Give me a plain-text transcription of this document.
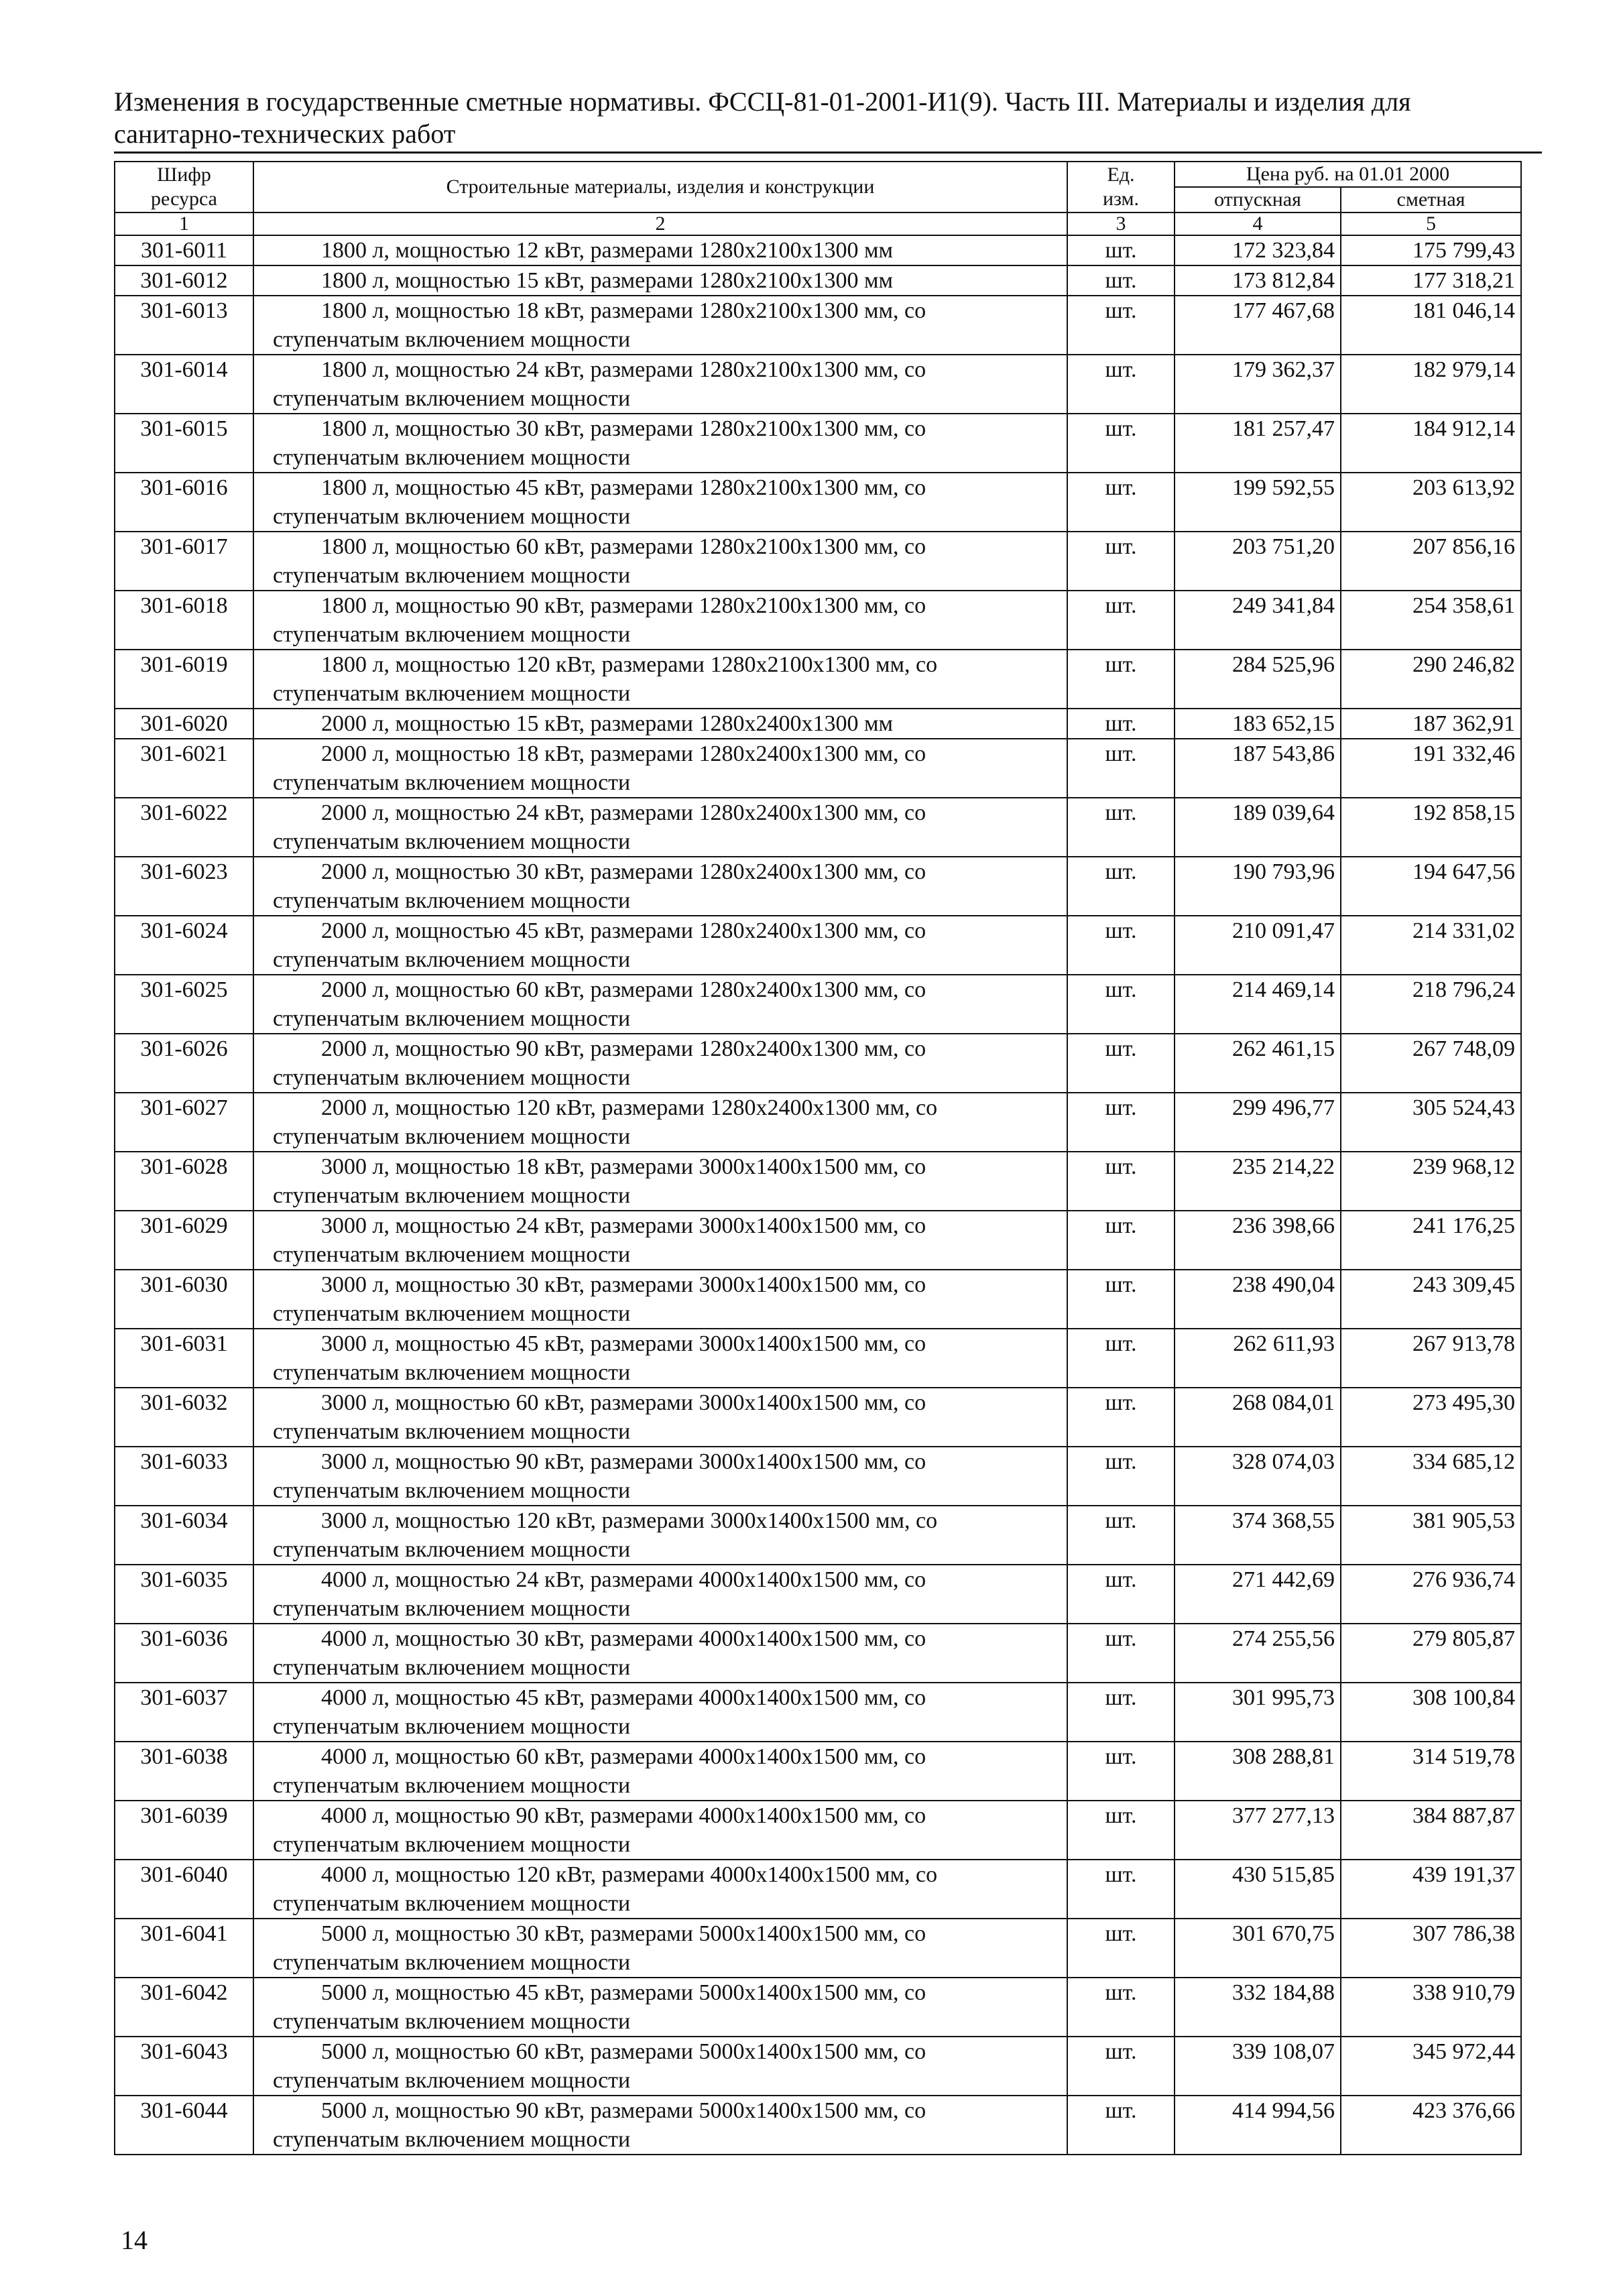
Изменения в государственные сметные нормативы. ФССЦ-81-01-2001-И1(9). Часть III. Материалы и изделия для
санитарно-технических работ
Шифр
ресурса	Строительные материалы, изделия и конструкции	Ед.
изм.	Цена руб. на 01.01 2000	
			отпускная	сметная
1	2	3	4	5
301-6011	1800 л, мощностью 12 кВт, размерами 1280х2100х1300 мм	шт.	172 323,84	175 799,43
301-6012	1800 л, мощностью 15 кВт, размерами 1280х2100х1300 мм	шт.	173 812,84	177 318,21
301-6013	1800 л, мощностью 18 кВт, размерами 1280х2100х1300 мм, со
ступенчатым включением мощности	шт.	177 467,68	181 046,14
301-6014	1800 л, мощностью 24 кВт, размерами 1280х2100х1300 мм, со
ступенчатым включением мощности	шт.	179 362,37	182 979,14
301-6015	1800 л, мощностью 30 кВт, размерами 1280х2100х1300 мм, со
ступенчатым включением мощности	шт.	181 257,47	184 912,14
301-6016	1800 л, мощностью 45 кВт, размерами 1280х2100х1300 мм, со
ступенчатым включением мощности	шт.	199 592,55	203 613,92
301-6017	1800 л, мощностью 60 кВт, размерами 1280х2100х1300 мм, со
ступенчатым включением мощности	шт.	203 751,20	207 856,16
301-6018	1800 л, мощностью 90 кВт, размерами 1280х2100х1300 мм, со
ступенчатым включением мощности	шт.	249 341,84	254 358,61
301-6019	1800 л, мощностью 120 кВт, размерами 1280х2100х1300 мм, со
ступенчатым включением мощности	шт.	284 525,96	290 246,82
301-6020	2000 л, мощностью 15 кВт, размерами 1280х2400х1300 мм	шт.	183 652,15	187 362,91
301-6021	2000 л, мощностью 18 кВт, размерами 1280х2400х1300 мм, со
ступенчатым включением мощности	шт.	187 543,86	191 332,46
301-6022	2000 л, мощностью 24 кВт, размерами 1280х2400х1300 мм, со
ступенчатым включением мощности	шт.	189 039,64	192 858,15
301-6023	2000 л, мощностью 30 кВт, размерами 1280х2400х1300 мм, со
ступенчатым включением мощности	шт.	190 793,96	194 647,56
301-6024	2000 л, мощностью 45 кВт, размерами 1280х2400х1300 мм, со
ступенчатым включением мощности	шт.	210 091,47	214 331,02
301-6025	2000 л, мощностью 60 кВт, размерами 1280х2400х1300 мм, со
ступенчатым включением мощности	шт.	214 469,14	218 796,24
301-6026	2000 л, мощностью 90 кВт, размерами 1280х2400х1300 мм, со
ступенчатым включением мощности	шт.	262 461,15	267 748,09
301-6027	2000 л, мощностью 120 кВт, размерами 1280х2400х1300 мм, со
ступенчатым включением мощности	шт.	299 496,77	305 524,43
301-6028	3000 л, мощностью 18 кВт, размерами 3000х1400х1500 мм, со
ступенчатым включением мощности	шт.	235 214,22	239 968,12
301-6029	3000 л, мощностью 24 кВт, размерами 3000х1400х1500 мм, со
ступенчатым включением мощности	шт.	236 398,66	241 176,25
301-6030	3000 л, мощностью 30 кВт, размерами 3000х1400х1500 мм, со
ступенчатым включением мощности	шт.	238 490,04	243 309,45
301-6031	3000 л, мощностью 45 кВт, размерами 3000х1400х1500 мм, со
ступенчатым включением мощности	шт.	262 611,93	267 913,78
301-6032	3000 л, мощностью 60 кВт, размерами 3000х1400х1500 мм, со
ступенчатым включением мощности	шт.	268 084,01	273 495,30
301-6033	3000 л, мощностью 90 кВт, размерами 3000х1400х1500 мм, со
ступенчатым включением мощности	шт.	328 074,03	334 685,12
301-6034	3000 л, мощностью 120 кВт, размерами 3000х1400х1500 мм, со
ступенчатым включением мощности	шт.	374 368,55	381 905,53
301-6035	4000 л, мощностью 24 кВт, размерами 4000х1400х1500 мм, со
ступенчатым включением мощности	шт.	271 442,69	276 936,74
301-6036	4000 л, мощностью 30 кВт, размерами 4000х1400х1500 мм, со
ступенчатым включением мощности	шт.	274 255,56	279 805,87
301-6037	4000 л, мощностью 45 кВт, размерами 4000х1400х1500 мм, со
ступенчатым включением мощности	шт.	301 995,73	308 100,84
301-6038	4000 л, мощностью 60 кВт, размерами 4000х1400х1500 мм, со
ступенчатым включением мощности	шт.	308 288,81	314 519,78
301-6039	4000 л, мощностью 90 кВт, размерами 4000х1400х1500 мм, со
ступенчатым включением мощности	шт.	377 277,13	384 887,87
301-6040	4000 л, мощностью 120 кВт, размерами 4000х1400х1500 мм, со
ступенчатым включением мощности	шт.	430 515,85	439 191,37
301-6041	5000 л, мощностью 30 кВт, размерами 5000х1400х1500 мм, со
ступенчатым включением мощности	шт.	301 670,75	307 786,38
301-6042	5000 л, мощностью 45 кВт, размерами 5000х1400х1500 мм, со
ступенчатым включением мощности	шт.	332 184,88	338 910,79
301-6043	5000 л, мощностью 60 кВт, размерами 5000х1400х1500 мм, со
ступенчатым включением мощности	шт.	339 108,07	345 972,44
301-6044	5000 л, мощностью 90 кВт, размерами 5000х1400х1500 мм, со
ступенчатым включением мощности	шт.	414 994,56	423 376,66
14
